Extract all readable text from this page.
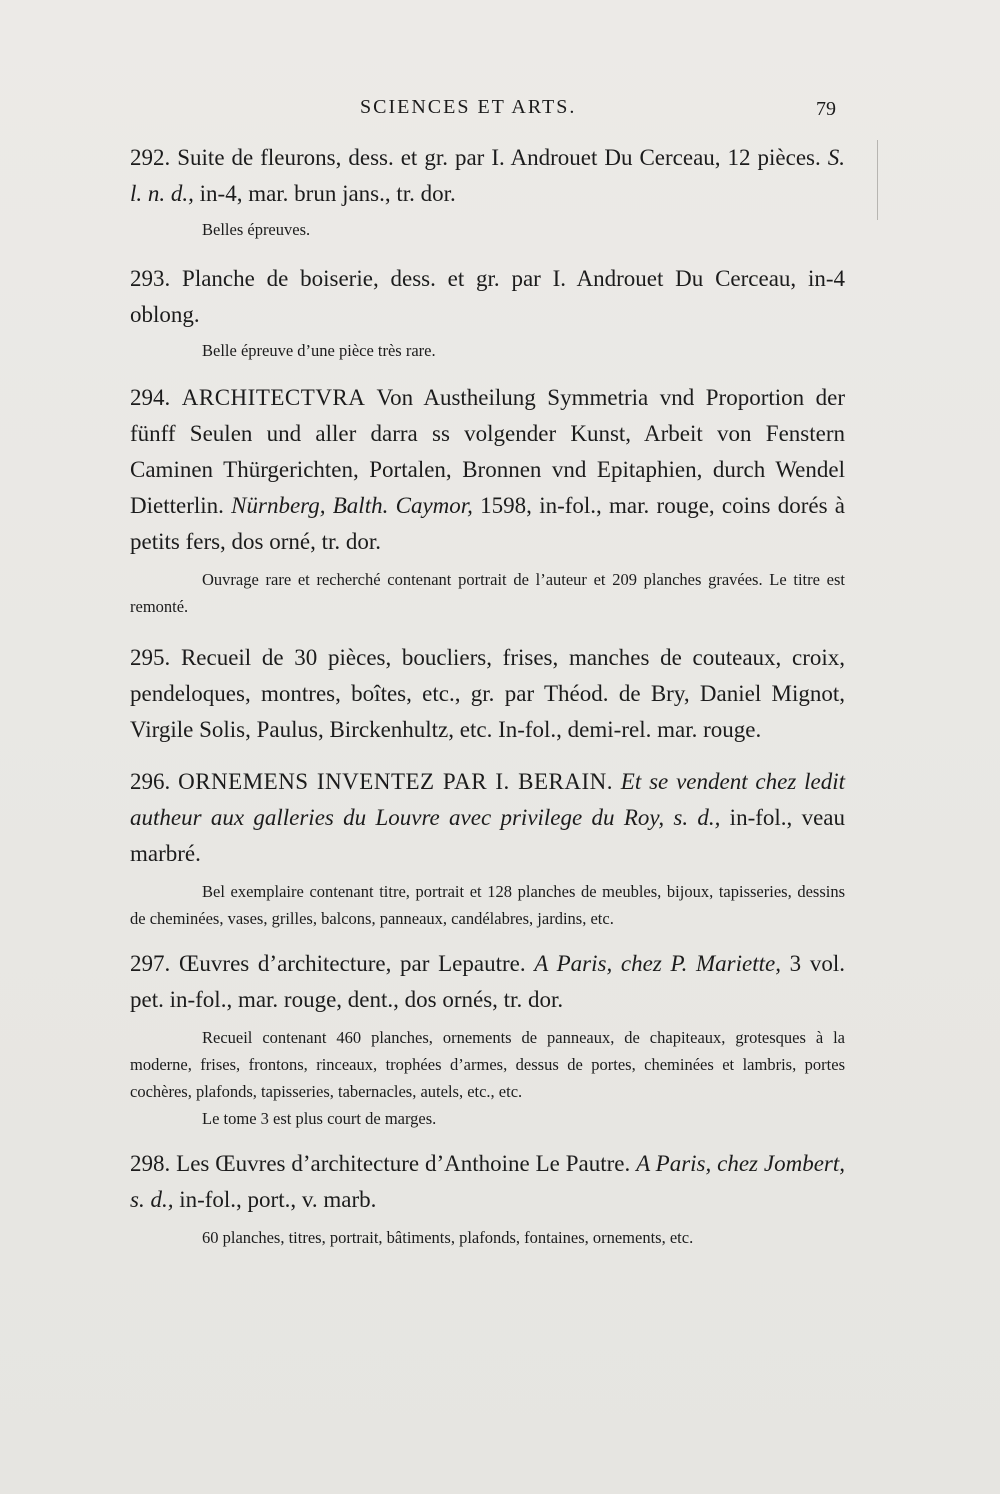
SCIENCES ET ARTS.	79

292. Suite de fleurons, dess. et gr. par I. Androuet Du Cerceau, 12 pièces. S. l. n. d., in-4, mar. brun jans., tr. dor.

Belles épreuves.

293. Planche de boiserie, dess. et gr. par I. Androuet Du Cerceau, in-4 oblong.

Belle épreuve d’une pièce très rare.

294. ARCHITECTVRA Von Austheilung Symmetria vnd Proportion der fünff Seulen und aller darra ss volgender Kunst, Arbeit von Fenstern Caminen Thürgerichten, Portalen, Bronnen vnd Epitaphien, durch Wendel Dietterlin. Nürnberg, Balth. Caymor, 1598, in-fol., mar. rouge, coins dorés à petits fers, dos orné, tr. dor.

Ouvrage rare et recherché contenant portrait de l’auteur et 209 planches gravées. Le titre est remonté.

295. Recueil de 30 pièces, boucliers, frises, manches de couteaux, croix, pendeloques, montres, boîtes, etc., gr. par Théod. de Bry, Daniel Mignot, Virgile Solis, Paulus, Birckenhultz, etc. In-fol., demi-rel. mar. rouge.

296. ORNEMENS INVENTEZ PAR I. BERAIN. Et se vendent chez ledit autheur aux galleries du Louvre avec privilege du Roy, s. d., in-fol., veau marbré.

Bel exemplaire contenant titre, portrait et 128 planches de meubles, bijoux, tapisseries, dessins de cheminées, vases, grilles, balcons, panneaux, candélabres, jardins, etc.

297. Œuvres d’architecture, par Lepautre. A Paris, chez P. Mariette, 3 vol. pet. in-fol., mar. rouge, dent., dos ornés, tr. dor.

Recueil contenant 460 planches, ornements de panneaux, de chapiteaux, grotesques à la moderne, frises, frontons, rinceaux, trophées d’armes, dessus de portes, cheminées et lambris, portes cochères, plafonds, tapisseries, tabernacles, autels, etc., etc.

Le tome 3 est plus court de marges.

298. Les Œuvres d’architecture d’Anthoine Le Pautre. A Paris, chez Jombert, s. d., in-fol., port., v. marb.

60 planches, titres, portrait, bâtiments, plafonds, fontaines, ornements, etc.
